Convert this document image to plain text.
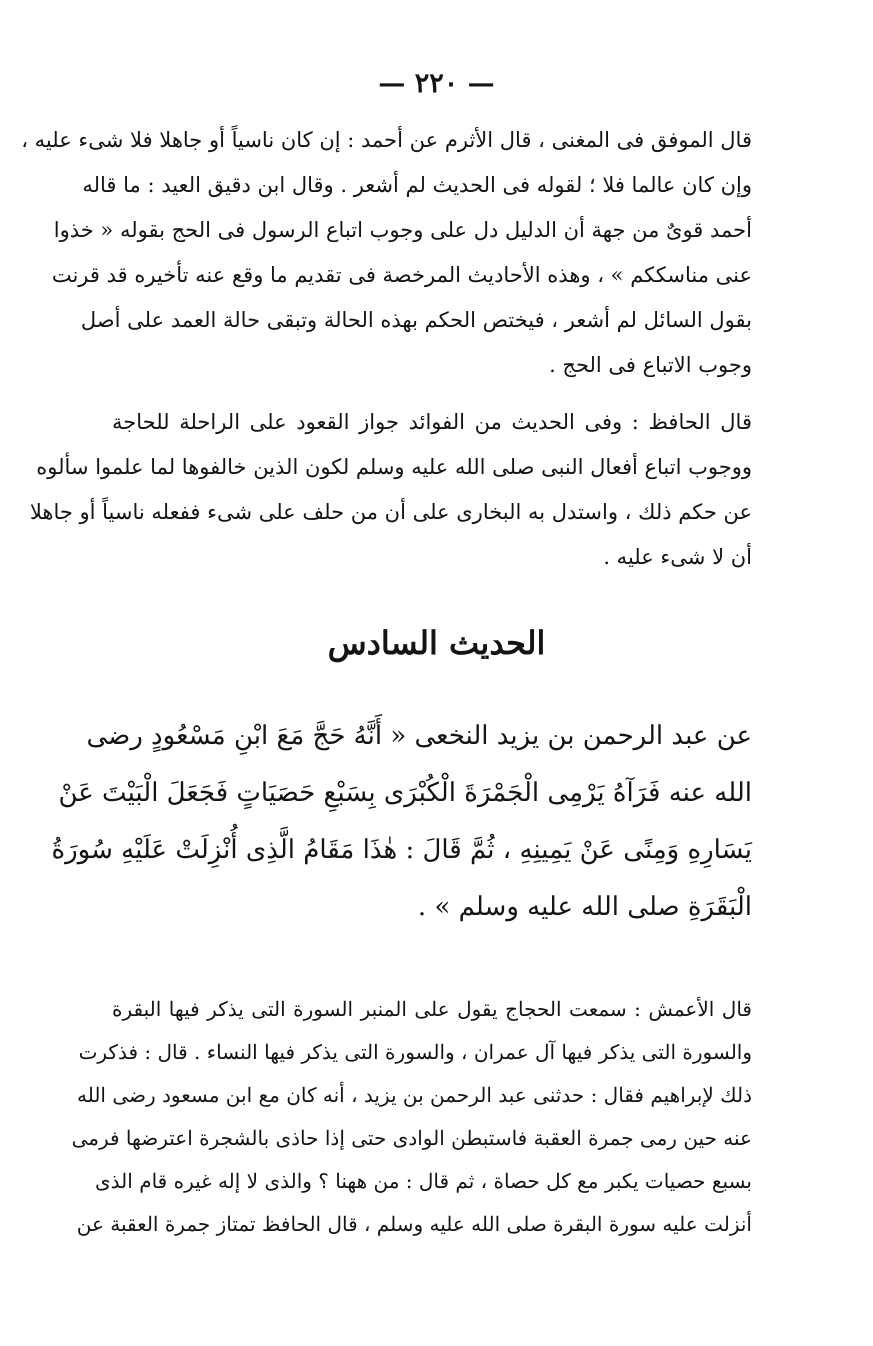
— ٢٢٠ —
قال الموفق فى المغنى ، قال الأثرم عن أحمد : إن كان ناسياً أو جاهلا فلا شىء عليه ،
وإن كان عالما فلا ؛ لقوله فى الحديث لم أشعر . وقال ابن دقيق العيد : ما قاله
أحمد قوىٌ من جهة أن الدليل دل على وجوب اتباع الرسول فى الحج بقوله « خذوا
عنى مناسككم » ، وهذه الأحاديث المرخصة فى تقديم ما وقع عنه تأخيره قد قرنت
بقول السائل لم أشعر ، فيختص الحكم بهذه الحالة وتبقى حالة العمد على أصل
وجوب الاتباع فى الحج .
قال الحافظ : وفى الحديث من الفوائد جواز القعود على الراحلة للحاجة
ووجوب اتباع أفعال النبى صلى الله عليه وسلم لكون الذين خالفوها لما علموا سألوه
عن حكم ذلك ، واستدل به البخارى على أن من حلف على شىء ففعله ناسياً أو جاهلا
أن لا شىء عليه .
الحديث السادس
عن عبد الرحمن بن يزيد النخعى « أَنَّهُ حَجَّ مَعَ ابْنِ مَسْعُودٍ رضى
الله عنه فَرَآهُ يَرْمِى الْجَمْرَةَ الْكُبْرَى بِسَبْعِ حَصَيَاتٍ فَجَعَلَ الْبَيْتَ عَنْ
يَسَارِهِ وَمِنًى عَنْ يَمِينِهِ ، ثُمَّ قَالَ : هٰذَا مَقَامُ الَّذِى أُنْزِلَتْ عَلَيْهِ سُورَةُ
الْبَقَرَةِ صلى الله عليه وسلم » .
قال الأعمش : سمعت الحجاج يقول على المنبر السورة التى يذكر فيها البقرة
والسورة التى يذكر فيها آل عمران ، والسورة التى يذكر فيها النساء . قال : فذكرت
ذلك لإبراهيم فقال : حدثنى عبد الرحمن بن يزيد ، أنه كان مع ابن مسعود رضى الله
عنه حين رمى جمرة العقبة فاستبطن الوادى حتى إذا حاذى بالشجرة اعترضها فرمى
بسبع حصيات يكبر مع كل حصاة ، ثم قال : من ههنا ؟ والذى لا إله غيره قام الذى
أنزلت عليه سورة البقرة صلى الله عليه وسلم ، قال الحافظ تمتاز جمرة العقبة عن
